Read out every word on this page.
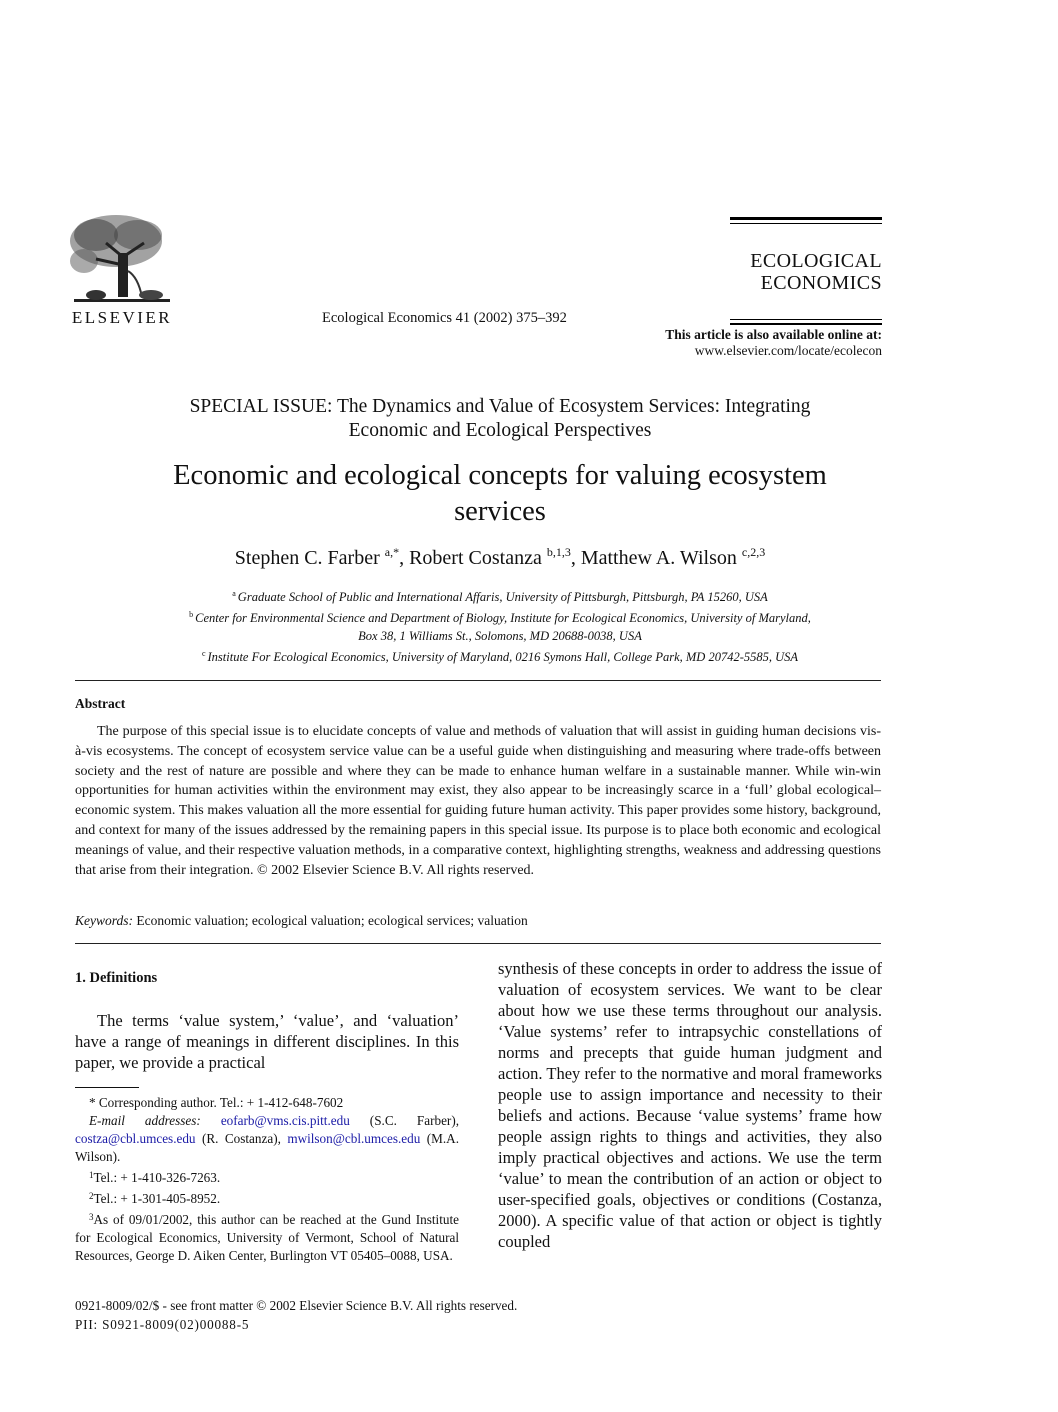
ELSEVIER	Ecological Economics 41 (2002) 375–392
ECOLOGICAL
ECONOMICS
This article is also available online at:
www.elsevier.com/locate/ecolecon
SPECIAL ISSUE: The Dynamics and Value of Ecosystem Services: Integrating
Economic and Ecological Perspectives
Economic and ecological concepts for valuing ecosystem
services
Stephen C. Farber $^{a,*}$, Robert Costanza $^{b,1,3}$, Matthew A. Wilson $^{c,2,3}$
$^a$ Graduate School of Public and International Affaris, University of Pittsburgh, Pittsburgh, PA 15260, USA
$^b$ Center for Environmental Science and Department of Biology, Institute for Ecological Economics, University of Maryland,
Box 38, 1 Williams St., Solomons, MD 20688-0038, USA
$^c$ Institute For Ecological Economics, University of Maryland, 0216 Symons Hall, College Park, MD 20742-5585, USA
Abstract
The purpose of this special issue is to elucidate concepts of value and methods of valuation that will assist in guiding human decisions vis-à-vis ecosystems. The concept of ecosystem service value can be a useful guide when distinguishing and measuring where trade-offs between society and the rest of nature are possible and where they can be made to enhance human welfare in a sustainable manner. While win-win opportunities for human activities within the environment may exist, they also appear to be increasingly scarce in a ‘full’ global ecological–economic system. This makes valuation all the more essential for guiding future human activity. This paper provides some history, background, and context for many of the issues addressed by the remaining papers in this special issue. Its purpose is to place both economic and ecological meanings of value, and their respective valuation methods, in a comparative context, highlighting strengths, weakness and addressing questions that arise from their integration. © 2002 Elsevier Science B.V. All rights reserved.
Keywords: Economic valuation; ecological valuation; ecological services; valuation
1. Definitions
The terms ‘value system,’ ‘value’, and ‘valuation’ have a range of meanings in different disciplines. In this paper, we provide a practical

* Corresponding author. Tel.: + 1-412-648-7602

E-mail addresses: eofarb@vms.cis.pitt.edu (S.C. Farber), costza@cbl.umces.edu (R. Costanza), mwilson@cbl.umces.edu (M.A. Wilson).

$^1$Tel.: + 1-410-326-7263.

$^2$Tel.: + 1-301-405-8952.

$^3$As of 09/01/2002, this author can be reached at the Gund Institute for Ecological Economics, University of Vermont, School of Natural Resources, George D. Aiken Center, Burlington VT 05405–0088, USA.

synthesis of these concepts in order to address the issue of valuation of ecosystem services. We want to be clear about how we use these terms throughout our analysis. ‘Value systems’ refer to intrapsychic constellations of norms and precepts that guide human judgment and action. They refer to the normative and moral frameworks people use to assign importance and necessity to their beliefs and actions. Because ‘value systems’ frame how people assign rights to things and activities, they also imply practical objectives and actions. We use the term ‘value’ to mean the contribution of an action or object to user-specified goals, objectives or conditions (Costanza, 2000). A specific value of that action or object is tightly coupled
0921-8009/02/$ - see front matter © 2002 Elsevier Science B.V. All rights reserved.
PII: S0921-8009(02)00088-5
